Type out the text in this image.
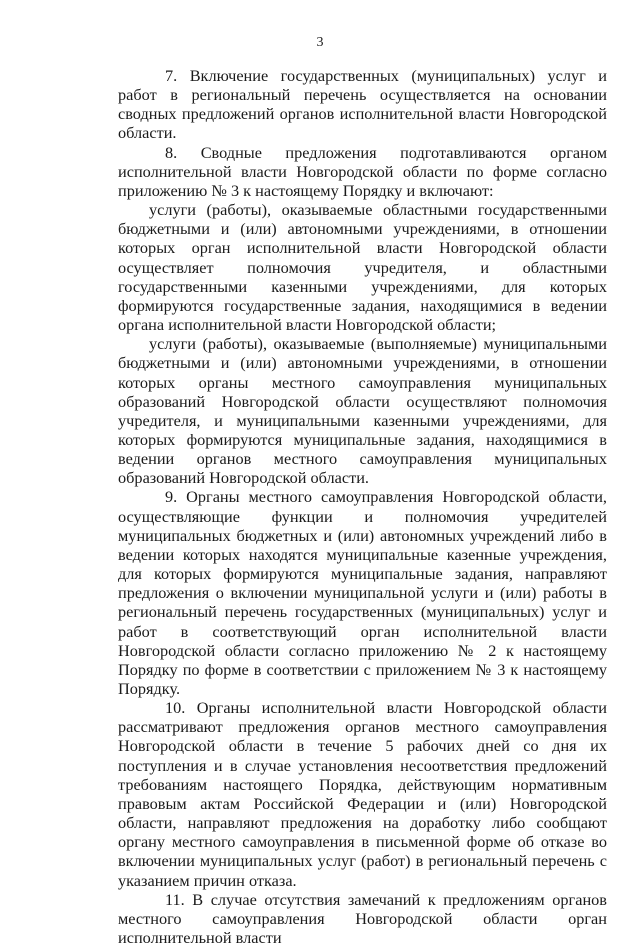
3

7. Включение государственных (муниципальных) услуг и работ в региональный перечень осуществляется на основании сводных предложений органов исполнительной власти Новгородской области.

8. Сводные предложения подготавливаются органом исполнительной власти Новгородской области по форме согласно приложению № 3 к настоящему Порядку и включают:

услуги (работы), оказываемые областными государственными бюджетными и (или) автономными учреждениями, в отношении которых орган исполнительной власти Новгородской области осуществляет полномочия учредителя, и областными государственными казенными учреждениями, для которых формируются государственные задания, находящимися в ведении органа исполнительной власти Новгородской области;

услуги (работы), оказываемые (выполняемые) муниципальными бюджетными и (или) автономными учреждениями, в отношении которых органы местного самоуправления муниципальных образований Новгородской области осуществляют полномочия учредителя, и муниципальными казенными учреждениями, для которых формируются муниципальные задания, находящимися в ведении органов местного самоуправления муниципальных образований Новгородской области.

9. Органы местного самоуправления Новгородской области, осуществляющие функции и полномочия учредителей муниципальных бюджетных и (или) автономных учреждений либо в ведении которых находятся муниципальные казенные учреждения, для которых формируются муниципальные задания, направляют предложения о включении муниципальной услуги и (или) работы в региональный перечень государственных (муниципальных) услуг и работ в соответствующий орган исполнительной власти Новгородской области согласно приложению № 2 к настоящему Порядку по форме в соответствии с приложением № 3 к настоящему Порядку.

10. Органы исполнительной власти Новгородской области рассматривают предложения органов местного самоуправления Новгородской области в течение 5 рабочих дней со дня их поступления и в случае установления несоответствия предложений требованиям настоящего Порядка, действующим нормативным правовым актам Российской Федерации и (или) Новгородской области, направляют предложения на доработку либо сообщают органу местного самоуправления в письменной форме об отказе во включении муниципальных услуг (работ) в региональный перечень с указанием причин отказа.

11. В случае отсутствия замечаний к предложениям органов местного самоуправления Новгородской области орган исполнительной власти
